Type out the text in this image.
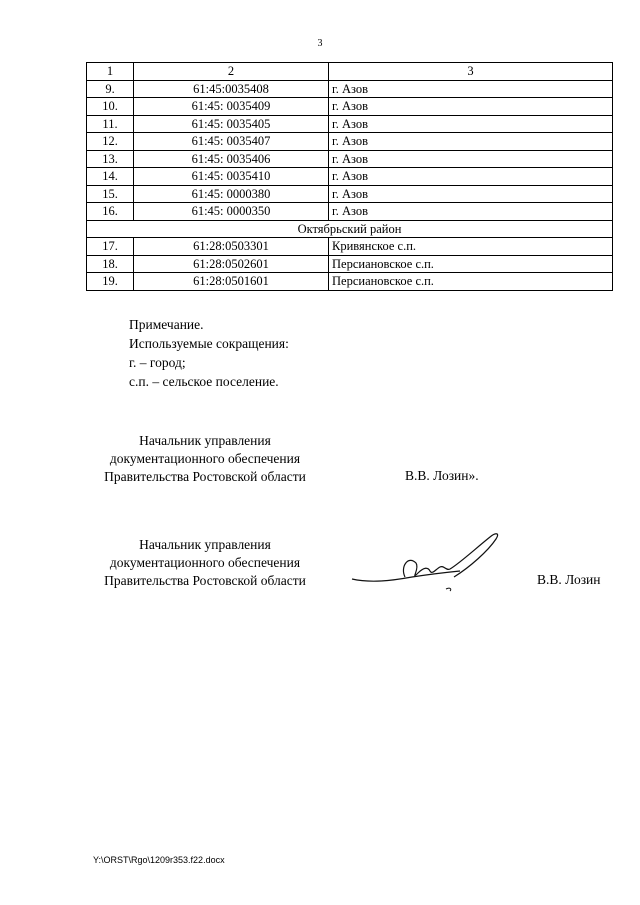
3
1	2	3
9.	61:45:0035408	г. Азов
10.	61:45: 0035409	г. Азов
11.	61:45: 0035405	г. Азов
12.	61:45: 0035407	г. Азов
13.	61:45: 0035406	г. Азов
14.	61:45: 0035410	г. Азов
15.	61:45: 0000380	г. Азов
16.	61:45: 0000350	г. Азов
Октябрьский район		
17.	61:28:0503301	Кривянское с.п.
18.	61:28:0502601	Персиановское с.п.
19.	61:28:0501601	Персиановское с.п.
Примечание.
Используемые сокращения:
г. – город;
с.п. – сельское поселение.
Начальник управления
документационного обеспечения
Правительства Ростовской области	В.В. Лозин».
Начальник управления
документационного обеспечения
Правительства Ростовской области	В.В. Лозин
Y:\ORST\Rgo\1209r353.f22.docx
